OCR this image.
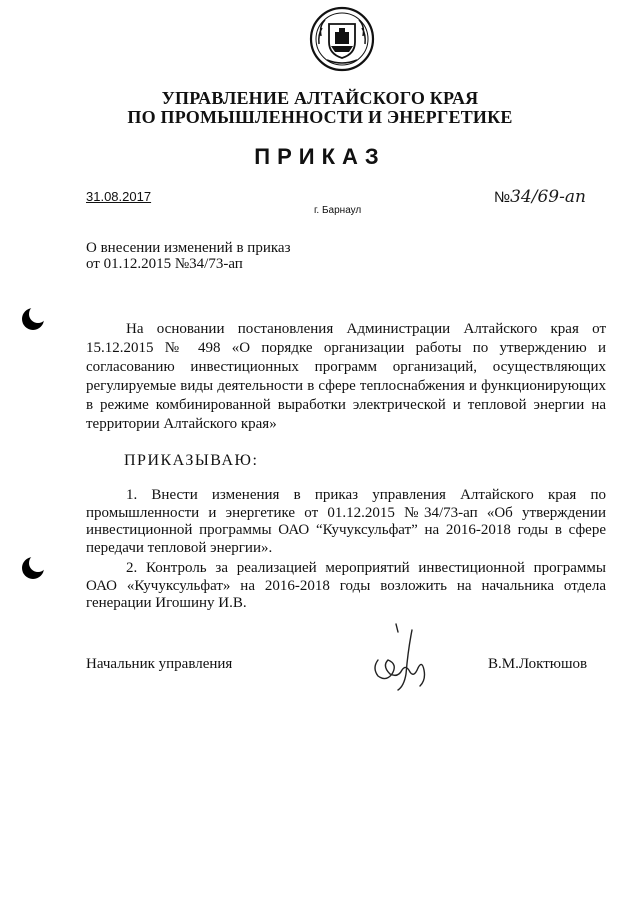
УПРАВЛЕНИЕ АЛТАЙСКОГО КРАЯ
ПО ПРОМЫШЛЕННОСТИ И ЭНЕРГЕТИКЕ
ПРИКАЗ
31.08.2017
г. Барнаул
№34/69-ап
О внесении изменений в приказ
от 01.12.2015 №34/73-ап

На основании постановления Администрации Алтайского края от 15.12.2015 № 498 «О порядке организации работы по утверждению и согласованию инвестиционных программ организаций, осуществляющих регулируемые виды деятельности в сфере теплоснабжения и функционирующих в режиме комбинированной выработки электрической и тепловой энергии на территории Алтайского края»

ПРИКАЗЫВАЮ:

1. Внести изменения в приказ управления Алтайского края по промышленности и энергетике от 01.12.2015 №34/73-ап «Об утверждении инвестиционной программы ОАО “Кучуксульфат” на 2016-2018 годы в сфере передачи тепловой энергии».

2. Контроль за реализацией мероприятий инвестиционной программы ОАО «Кучуксульфат» на 2016-2018 годы возложить на начальника отдела генерации Игошину И.В.

Начальник управления	В.М.Локтюшов
